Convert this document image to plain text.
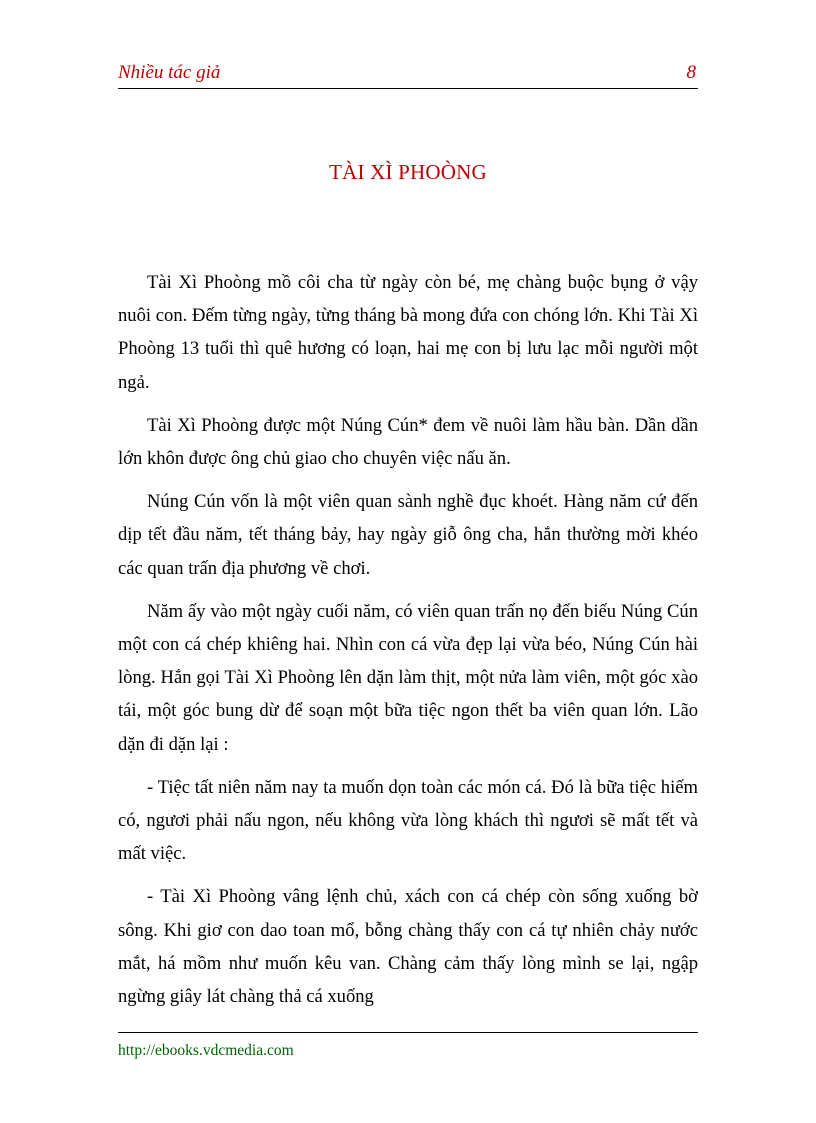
Nhiều tác giả	8
TÀI XÌ PHOÒNG

Tài Xì Phoòng mồ côi cha từ ngày còn bé, mẹ chàng buộc bụng ở vậy nuôi con. Đếm từng ngày, từng tháng bà mong đứa con chóng lớn. Khi Tài Xì Phoòng 13 tuổi thì quê hương có loạn, hai mẹ con bị lưu lạc mỗi người một ngả.

Tài Xì Phoòng được một Núng Cún* đem về nuôi làm hầu bàn. Dần dần lớn khôn được ông chủ giao cho chuyên việc nấu ăn.

Núng Cún vốn là một viên quan sành nghề đục khoét. Hàng năm cứ đến dịp tết đầu năm, tết tháng bảy, hay ngày giỗ ông cha, hắn thường mời khéo các quan trấn địa phương về chơi.

Năm ấy vào một ngày cuối năm, có viên quan trấn nọ đến biếu Núng Cún một con cá chép khiêng hai. Nhìn con cá vừa đẹp lại vừa béo, Núng Cún hài lòng. Hắn gọi Tài Xì Phoòng lên dặn làm thịt, một nửa làm viên, một góc xào tái, một góc bung dừ để soạn một bữa tiệc ngon thết ba viên quan lớn. Lão dặn đi dặn lại :

- Tiệc tất niên năm nay ta muốn dọn toàn các món cá. Đó là bữa tiệc hiếm có, ngươi phải nấu ngon, nếu không vừa lòng khách thì ngươi sẽ mất tết và mất việc.

- Tài Xì Phoòng vâng lệnh chủ, xách con cá chép còn sống xuống bờ sông. Khi giơ con dao toan mổ, bỗng chàng thấy con cá tự nhiên chảy nước mắt, há mồm như muốn kêu van. Chàng cảm thấy lòng mình se lại, ngập ngừng giây lát chàng thả cá xuống

http://ebooks.vdcmedia.com
